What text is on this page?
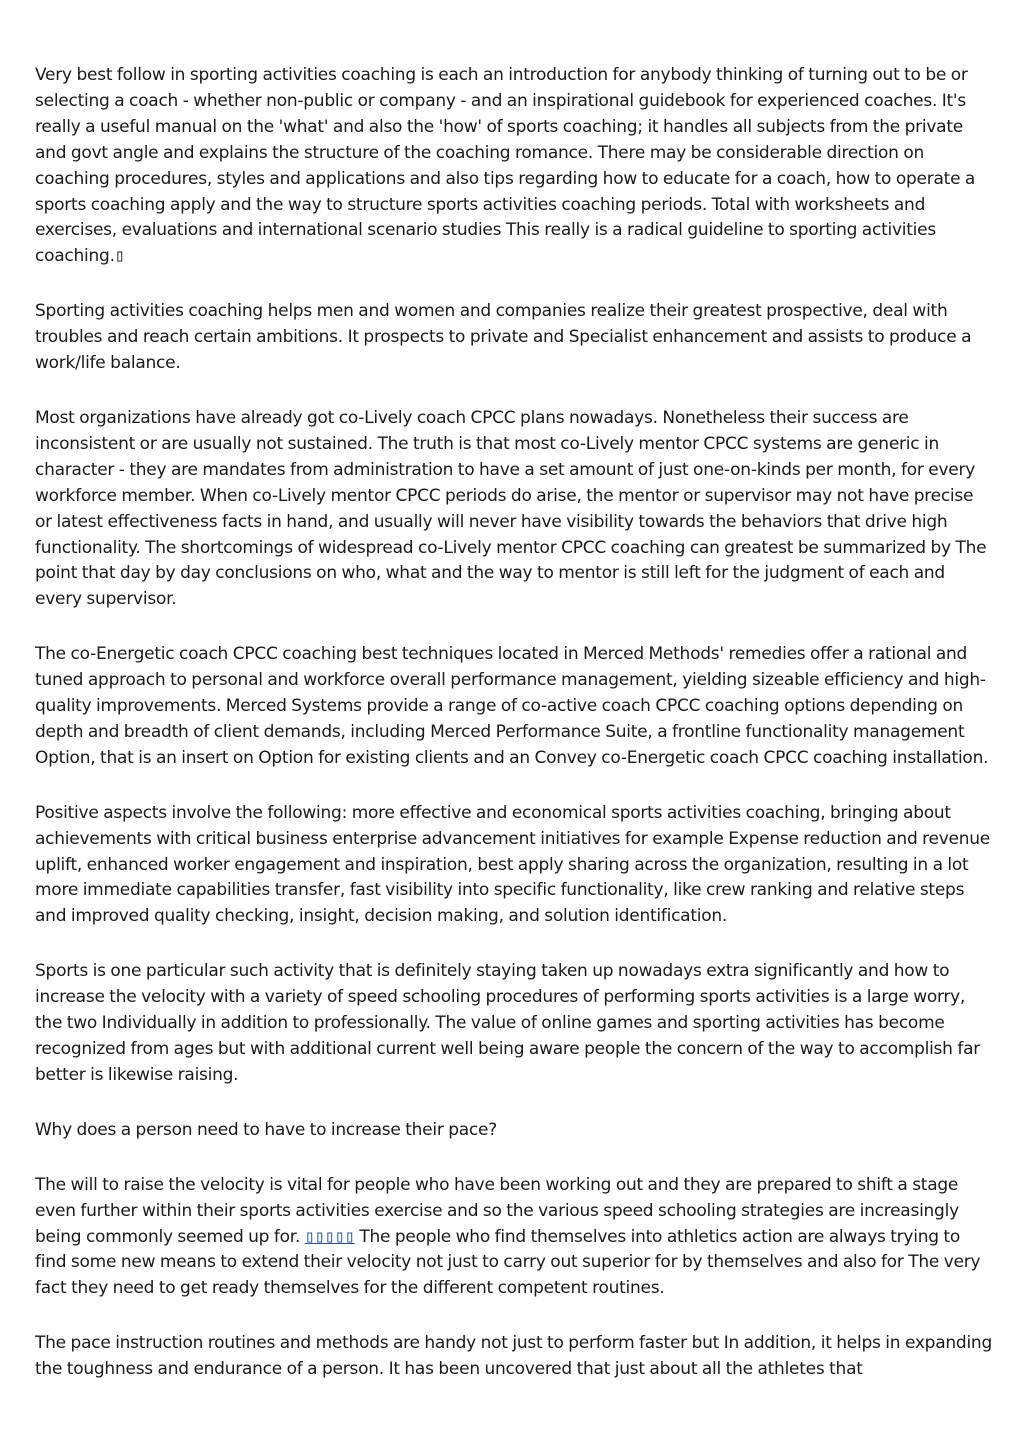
Very best follow in sporting activities coaching is each an introduction for anybody thinking of turning out to be or selecting a coach - whether non-public or company - and an inspirational guidebook for experienced coaches. It's really a useful manual on the 'what' and also the 'how' of sports coaching; it handles all subjects from the private and govt angle and explains the structure of the coaching romance. There may be considerable direction on coaching procedures, styles and applications and also tips regarding how to educate for a coach, how to operate a sports coaching apply and the way to structure sports activities coaching periods. Total with worksheets and exercises, evaluations and international scenario studies This really is a radical guideline to sporting activities coaching.▯

Sporting activities coaching helps men and women and companies realize their greatest prospective, deal with troubles and reach certain ambitions. It prospects to private and Specialist enhancement and assists to produce a work/life balance.

Most organizations have already got co-Lively coach CPCC plans nowadays. Nonetheless their success are inconsistent or are usually not sustained. The truth is that most co-Lively mentor CPCC systems are generic in character - they are mandates from administration to have a set amount of just one-on-kinds per month, for every workforce member. When co-Lively mentor CPCC periods do arise, the mentor or supervisor may not have precise or latest effectiveness facts in hand, and usually will never have visibility towards the behaviors that drive high functionality. The shortcomings of widespread co-Lively mentor CPCC coaching can greatest be summarized by The point that day by day conclusions on who, what and the way to mentor is still left for the judgment of each and every supervisor.

The co-Energetic coach CPCC coaching best techniques located in Merced Methods' remedies offer a rational and tuned approach to personal and workforce overall performance management, yielding sizeable efficiency and high-quality improvements. Merced Systems provide a range of co-active coach CPCC coaching options depending on depth and breadth of client demands, including Merced Performance Suite, a frontline functionality management Option, that is an insert on Option for existing clients and an Convey co-Energetic coach CPCC coaching installation.

Positive aspects involve the following: more effective and economical sports activities coaching, bringing about achievements with critical business enterprise advancement initiatives for example Expense reduction and revenue uplift, enhanced worker engagement and inspiration, best apply sharing across the organization, resulting in a lot more immediate capabilities transfer, fast visibility into specific functionality, like crew ranking and relative steps and improved quality checking, insight, decision making, and solution identification.

Sports is one particular such activity that is definitely staying taken up nowadays extra significantly and how to increase the velocity with a variety of speed schooling procedures of performing sports activities is a large worry, the two Individually in addition to professionally. The value of online games and sporting activities has become recognized from ages but with additional current well being aware people the concern of the way to accomplish far better is likewise raising.

Why does a person need to have to increase their pace?

The will to raise the velocity is vital for people who have been working out and they are prepared to shift a stage even further within their sports activities exercise and so the various speed schooling strategies are increasingly being commonly seemed up for. ▯▯▯▯▯ The people who find themselves into athletics action are always trying to find some new means to extend their velocity not just to carry out superior for by themselves and also for The very fact they need to get ready themselves for the different competent routines.

The pace instruction routines and methods are handy not just to perform faster but In addition, it helps in expanding the toughness and endurance of a person. It has been uncovered that just about all the athletes that
